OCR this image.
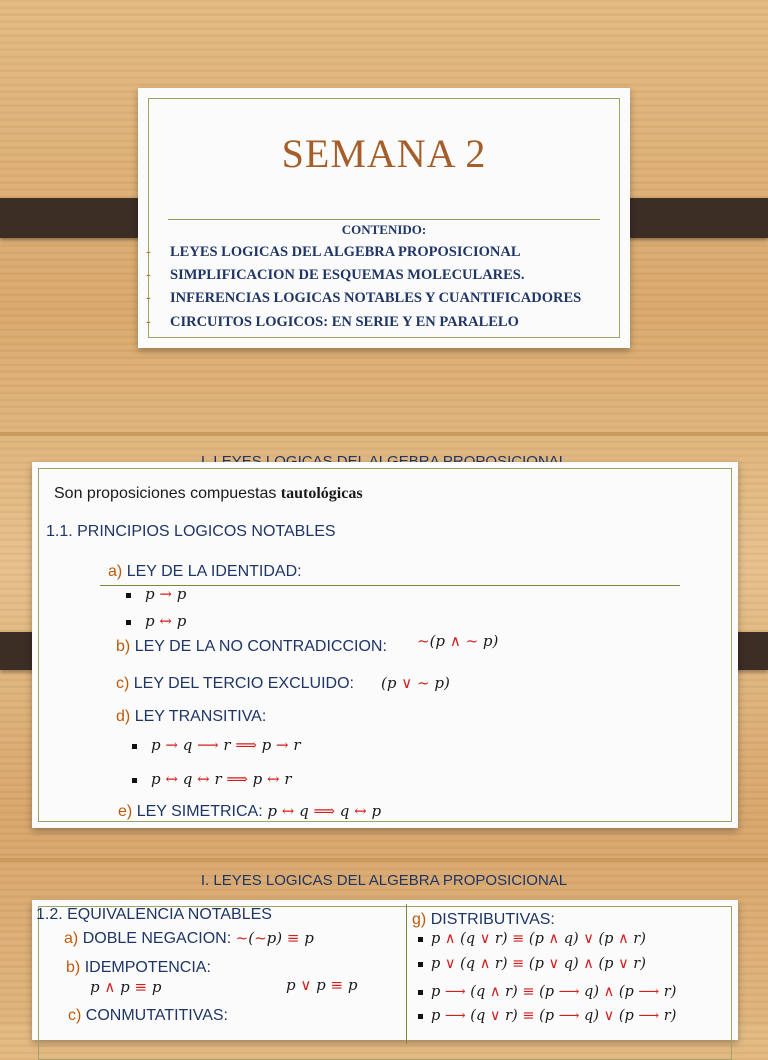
SEMANA 2
CONTENIDO:
- LEYES LOGICAS DEL ALGEBRA PROPOSICIONAL
- SIMPLIFICACION DE ESQUEMAS MOLECULARES.
- INFERENCIAS LOGICAS NOTABLES Y CUANTIFICADORES
- CIRCUITOS LOGICOS: EN SERIE Y EN PARALELO
Son proposiciones compuestas tautológicas
1.1. PRINCIPIOS LOGICOS NOTABLES
a) LEY DE LA IDENTIDAD:
p → p
p ↔ p
b) LEY DE LA NO CONTRADICCION: ~(p ∧ ~ p)
c) LEY DEL TERCIO EXCLUIDO: (p ∨ ~ p)
d) LEY TRANSITIVA:
p → q ⟶ r ⟹ p → r
p ↔ q ↔ r ⟹ p ↔ r
e) LEY SIMETRICA: p ↔ q ⟹ q ↔ p
I. LEYES LOGICAS DEL ALGEBRA PROPOSICIONAL
1.2. EQUIVALENCIA NOTABLES
a) DOBLE NEGACION: ~(~p) ≡ p
b) IDEMPOTENCIA:
p ∧ p ≡ p	p ∨ p ≡ p
c) CONMUTATITIVAS:
g) DISTRIBUTIVAS:
p ∧ (q ∨ r) ≡ (p ∧ q) ∨ (p ∧ r)
p ∨ (q ∧ r) ≡ (p ∨ q) ∧ (p ∨ r)
p ⟶ (q ∧ r) ≡ (p ⟶ q) ∧ (p ⟶ r)
p ⟶ (q ∨ r) ≡ (p ⟶ q) ∨ (p ⟶ r)
